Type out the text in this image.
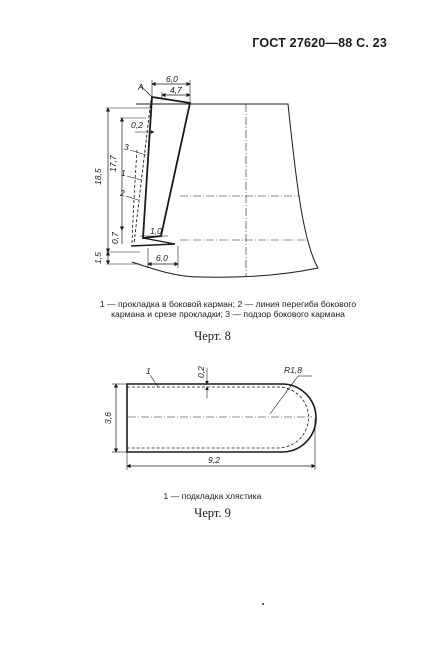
ГОСТ 27620—88 С. 23
А
6,0
4,7
0,2
1,0
6,0
3
1
2
18,5
17,7
0,7
1,5
1	0,2	R1,8
3,6
9,2
1 — прокладка в боковой карман; 2 — линия перегиба бокового
кармана и срезе прокладки; 3 — подзор бокового кармана
Черт. 8
1 — подкладка хлястика
Черт. 9
